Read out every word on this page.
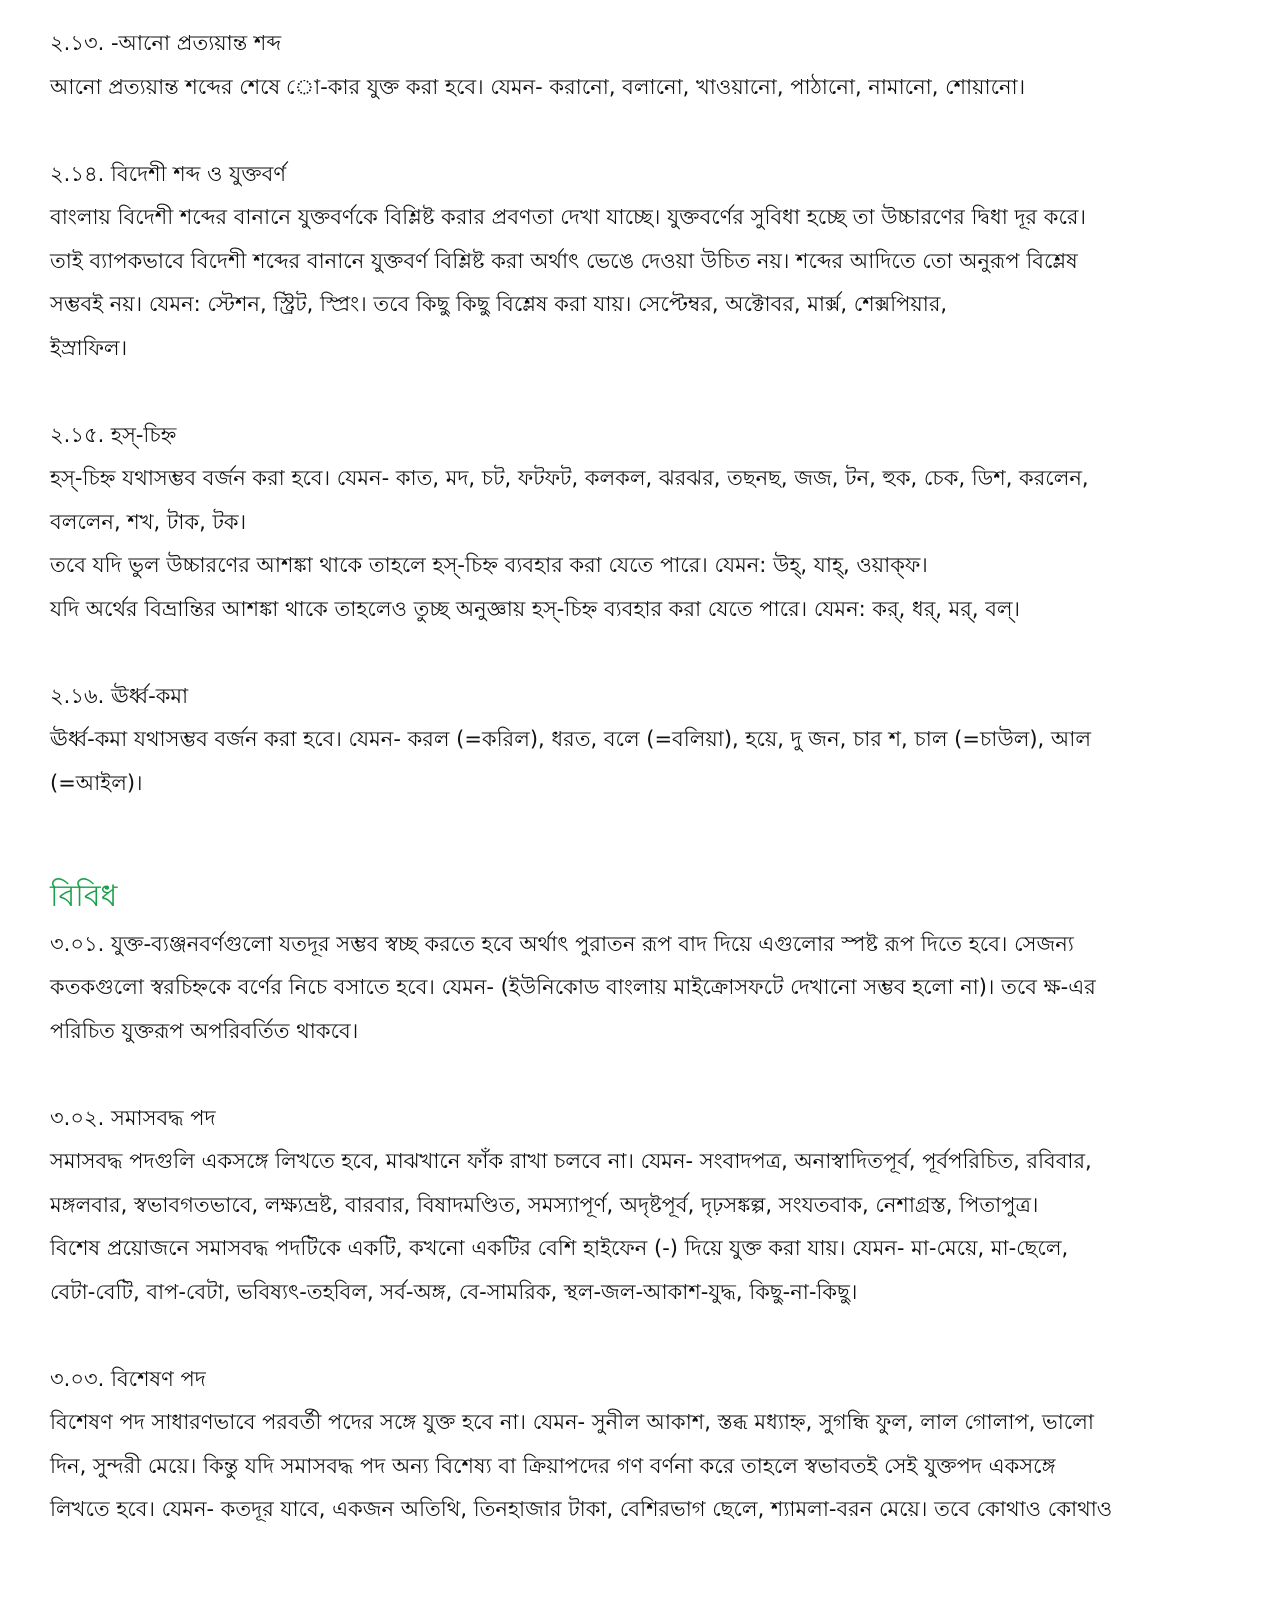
২.১৩. -আনো প্রত্যয়ান্ত শব্দ
আনো প্রত্যয়ান্ত শব্দের শেষে ো-কার যুক্ত করা হবে। যেমন- করানো, বলানো, খাওয়ানো, পাঠানো, নামানো, শোয়ানো।
২.১৪. বিদেশী শব্দ ও যুক্তবর্ণ
বাংলায় বিদেশী শব্দের বানানে যুক্তবর্ণকে বিশ্লিষ্ট করার প্রবণতা দেখা যাচ্ছে। যুক্তবর্ণের সুবিধা হচ্ছে তা উচ্চারণের দ্বিধা দূর করে।
তাই ব্যাপকভাবে বিদেশী শব্দের বানানে যুক্তবর্ণ বিশ্লিষ্ট করা অর্থাৎ ভেঙে দেওয়া উচিত নয়। শব্দের আদিতে তো অনুরূপ বিশ্লেষ
সম্ভবই নয়। যেমন: স্টেশন, স্ট্রিট, স্প্রিং। তবে কিছু কিছু বিশ্লেষ করা যায়। সেপ্টেম্বর, অক্টোবর, মার্ক্স, শেক্সপিয়ার,
ইস্রাফিল।
২.১৫. হস্-চিহ্ন
হস্-চিহ্ন যথাসম্ভব বর্জন করা হবে। যেমন- কাত, মদ, চট, ফটফট, কলকল, ঝরঝর, তছনছ, জজ, টন, হুক, চেক, ডিশ, করলেন,
বললেন, শখ, টাক, টক।
তবে যদি ভুল উচ্চারণের আশঙ্কা থাকে তাহলে হস্-চিহ্ন ব্যবহার করা যেতে পারে। যেমন: উহ্, যাহ্, ওয়াক্ফ।
যদি অর্থের বিভ্রান্তির আশঙ্কা থাকে তাহলেও তুচ্ছ অনুজ্ঞায় হস্-চিহ্ন ব্যবহার করা যেতে পারে। যেমন: কর্, ধর্, মর্, বল্।
২.১৬. ঊর্ধ্ব-কমা
ঊর্ধ্ব-কমা যথাসম্ভব বর্জন করা হবে। যেমন- করল (=করিল), ধরত, বলে (=বলিয়া), হয়ে, দু জন, চার শ, চাল (=চাউল), আল
(=আইল)।
বিবিধ
৩.০১. যুক্ত-ব্যঞ্জনবর্ণগুলো যতদূর সম্ভব স্বচ্ছ করতে হবে অর্থাৎ পুরাতন রূপ বাদ দিয়ে এগুলোর স্পষ্ট রূপ দিতে হবে। সেজন্য
কতকগুলো স্বরচিহ্নকে বর্ণের নিচে বসাতে হবে। যেমন- (ইউনিকোড বাংলায় মাইক্রোসফটে দেখানো সম্ভব হলো না)। তবে ক্ষ-এর
পরিচিত যুক্তরূপ অপরিবর্তিত থাকবে।
৩.০২. সমাসবদ্ধ পদ
সমাসবদ্ধ পদগুলি একসঙ্গে লিখতে হবে, মাঝখানে ফাঁক রাখা চলবে না। যেমন- সংবাদপত্র, অনাস্বাদিতপূর্ব, পূর্বপরিচিত, রবিবার,
মঙ্গলবার, স্বভাবগতভাবে, লক্ষ্যভ্রষ্ট, বারবার, বিষাদমণ্ডিত, সমস্যাপূর্ণ, অদৃষ্টপূর্ব, দৃঢ়সঙ্কল্প, সংযতবাক, নেশাগ্রস্ত, পিতাপুত্র।
বিশেষ প্রয়োজনে সমাসবদ্ধ পদটিকে একটি, কখনো একটির বেশি হাইফেন (-) দিয়ে যুক্ত করা যায়। যেমন- মা-মেয়ে, মা-ছেলে,
বেটা-বেটি, বাপ-বেটা, ভবিষ্যৎ-তহবিল, সর্ব-অঙ্গ, বে-সামরিক, স্থল-জল-আকাশ-যুদ্ধ, কিছু-না-কিছু।
৩.০৩. বিশেষণ পদ
বিশেষণ পদ সাধারণভাবে পরবর্তী পদের সঙ্গে যুক্ত হবে না। যেমন- সুনীল আকাশ, স্তব্ধ মধ্যাহ্ন, সুগন্ধি ফুল, লাল গোলাপ, ভালো
দিন, সুন্দরী মেয়ে। কিন্তু যদি সমাসবদ্ধ পদ অন্য বিশেষ্য বা ক্রিয়াপদের গণ বর্ণনা করে তাহলে স্বভাবতই সেই যুক্তপদ একসঙ্গে
লিখতে হবে। যেমন- কতদূর যাবে, একজন অতিথি, তিনহাজার টাকা, বেশিরভাগ ছেলে, শ্যামলা-বরন মেয়ে। তবে কোথাও কোথাও
